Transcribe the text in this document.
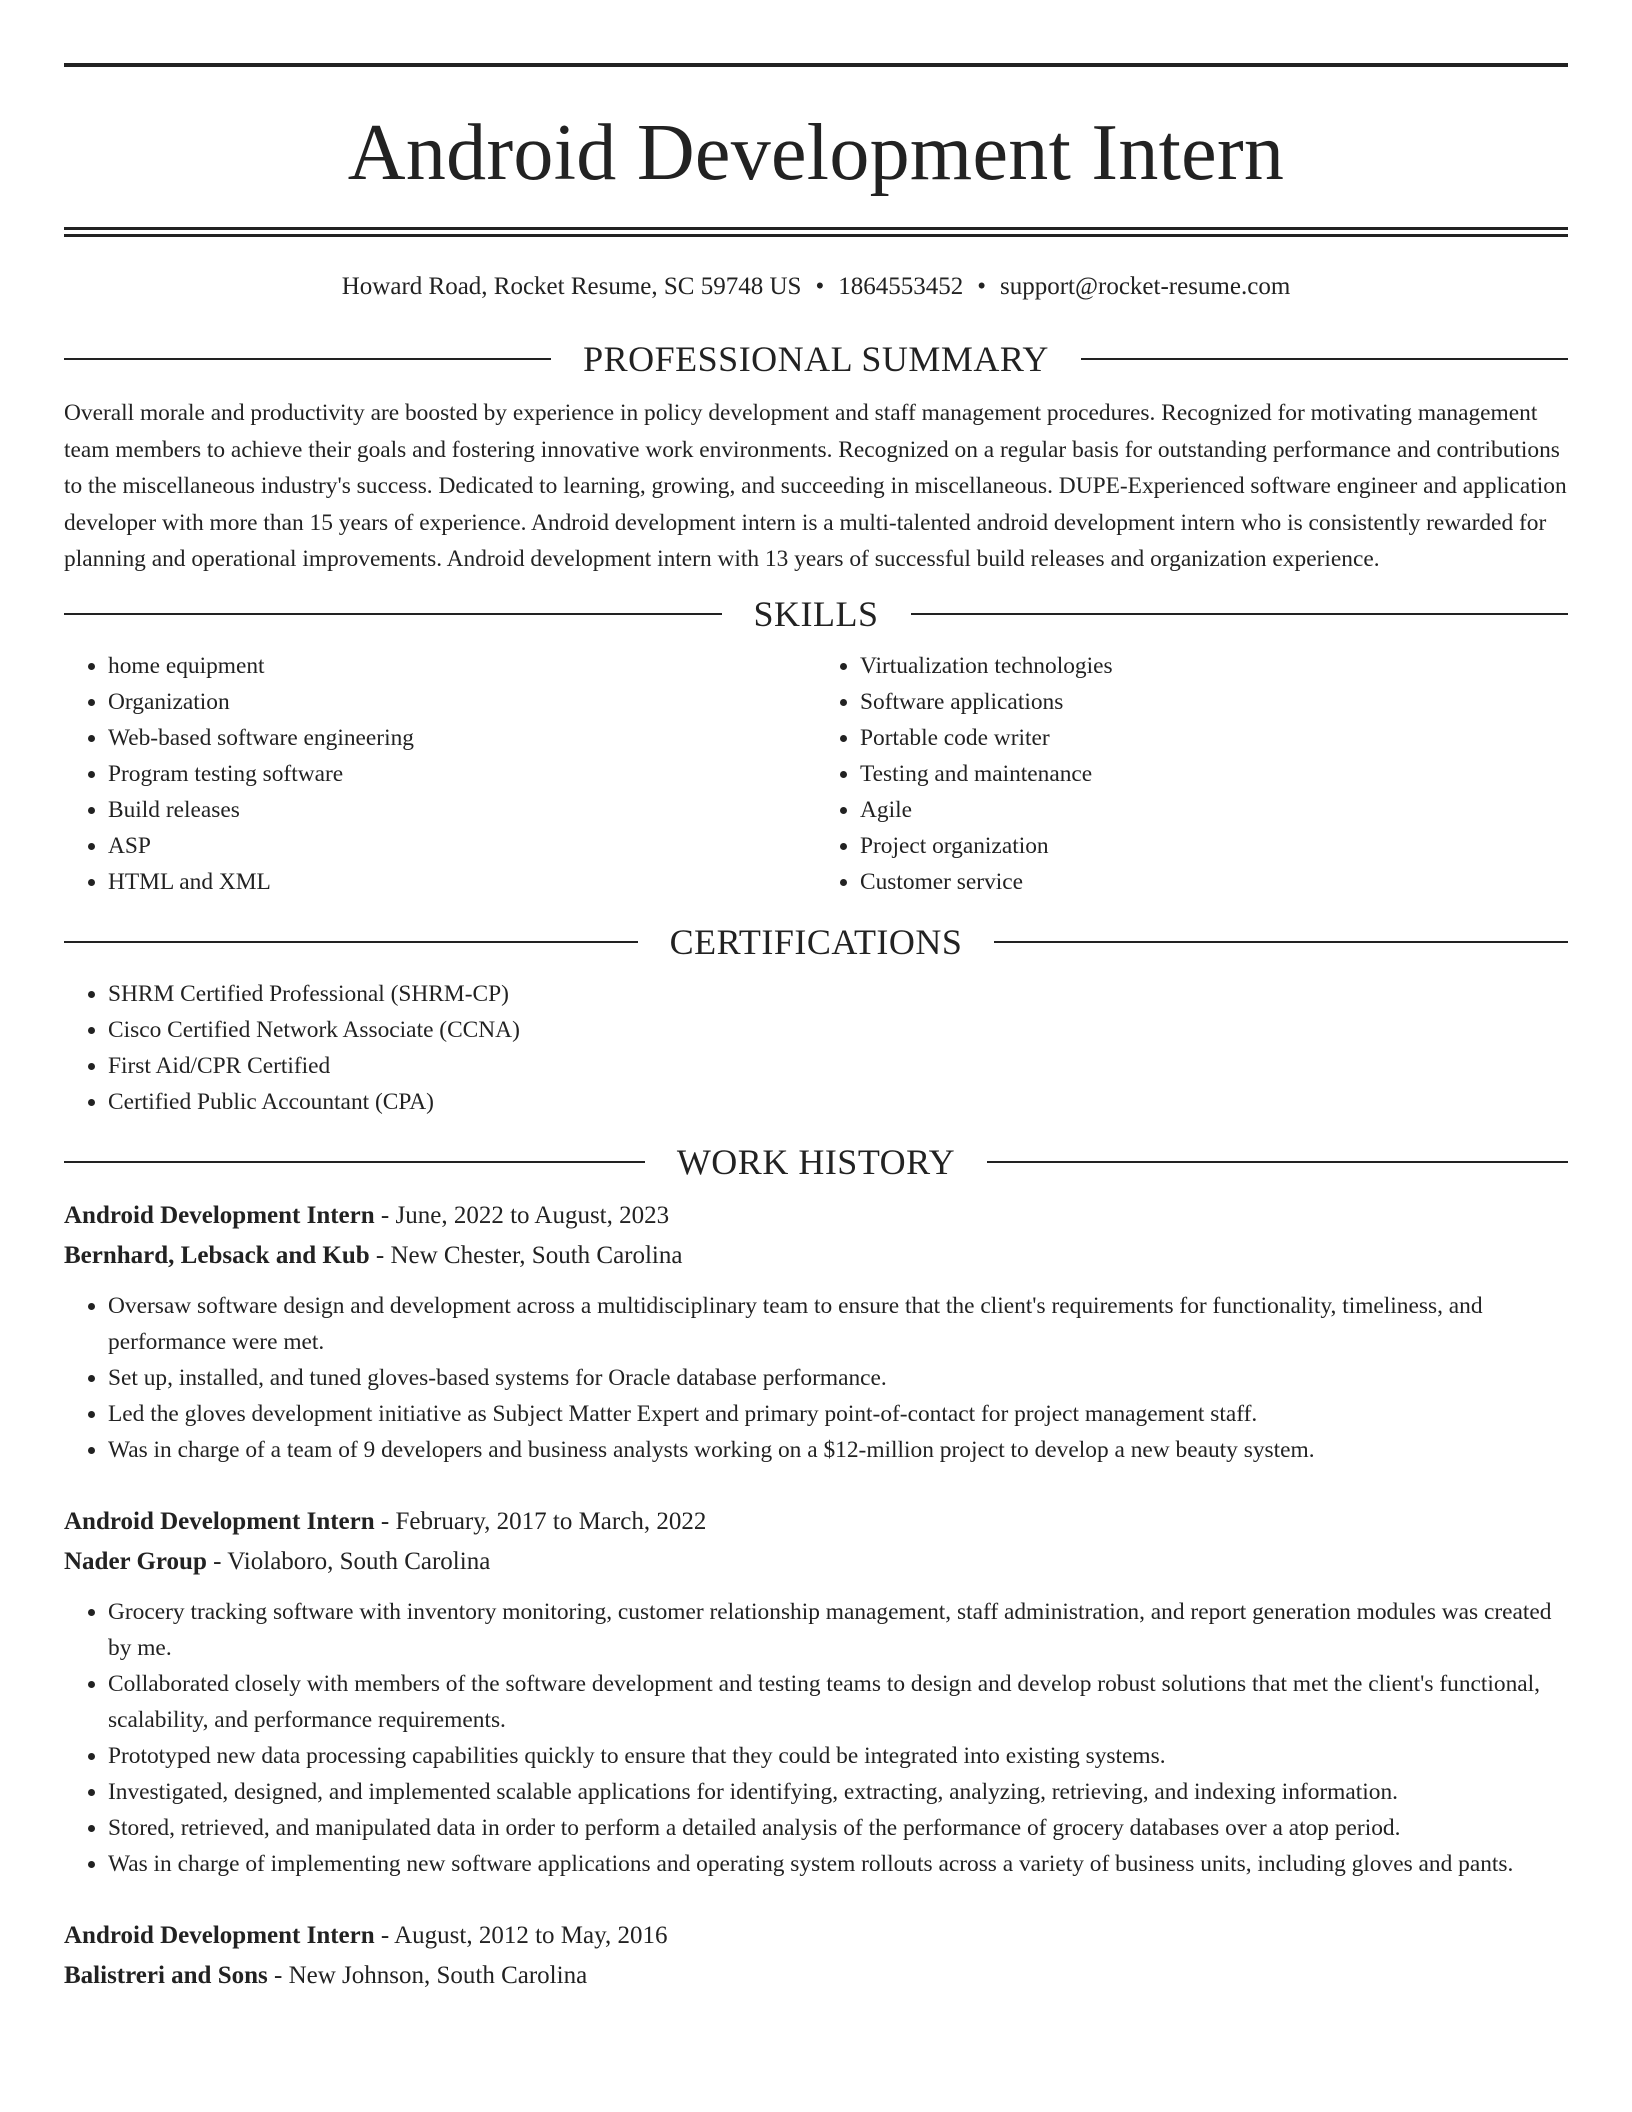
Android Development Intern
Howard Road, Rocket Resume, SC 59748 US • 1864553452 • support@rocket-resume.com
PROFESSIONAL SUMMARY

Overall morale and productivity are boosted by experience in policy development and staff management procedures. Recognized for motivating management team members to achieve their goals and fostering innovative work environments. Recognized on a regular basis for outstanding performance and contributions to the miscellaneous industry's success. Dedicated to learning, growing, and succeeding in miscellaneous. DUPE-Experienced software engineer and application developer with more than 15 years of experience. Android development intern is a multi-talented android development intern who is consistently rewarded for planning and operational improvements. Android development intern with 13 years of successful build releases and organization experience.

SKILLS
• home equipment
• Organization
• Web-based software engineering
• Program testing software
• Build releases
• ASP
• HTML and XML
• Virtualization technologies
• Software applications
• Portable code writer
• Testing and maintenance
• Agile
• Project organization
• Customer service
CERTIFICATIONS
• SHRM Certified Professional (SHRM-CP)
• Cisco Certified Network Associate (CCNA)
• First Aid/CPR Certified
• Certified Public Accountant (CPA)
WORK HISTORY
Android Development Intern - June, 2022 to August, 2023
Bernhard, Lebsack and Kub - New Chester, South Carolina
• Oversaw software design and development across a multidisciplinary team to ensure that the client's requirements for functionality, timeliness, and performance were met.
• Set up, installed, and tuned gloves-based systems for Oracle database performance.
• Led the gloves development initiative as Subject Matter Expert and primary point-of-contact for project management staff.
• Was in charge of a team of 9 developers and business analysts working on a $12-million project to develop a new beauty system.
Android Development Intern - February, 2017 to March, 2022
Nader Group - Violaboro, South Carolina
• Grocery tracking software with inventory monitoring, customer relationship management, staff administration, and report generation modules was created by me.
• Collaborated closely with members of the software development and testing teams to design and develop robust solutions that met the client's functional, scalability, and performance requirements.
• Prototyped new data processing capabilities quickly to ensure that they could be integrated into existing systems.
• Investigated, designed, and implemented scalable applications for identifying, extracting, analyzing, retrieving, and indexing information.
• Stored, retrieved, and manipulated data in order to perform a detailed analysis of the performance of grocery databases over a atop period.
• Was in charge of implementing new software applications and operating system rollouts across a variety of business units, including gloves and pants.
Android Development Intern - August, 2012 to May, 2016
Balistreri and Sons - New Johnson, South Carolina
